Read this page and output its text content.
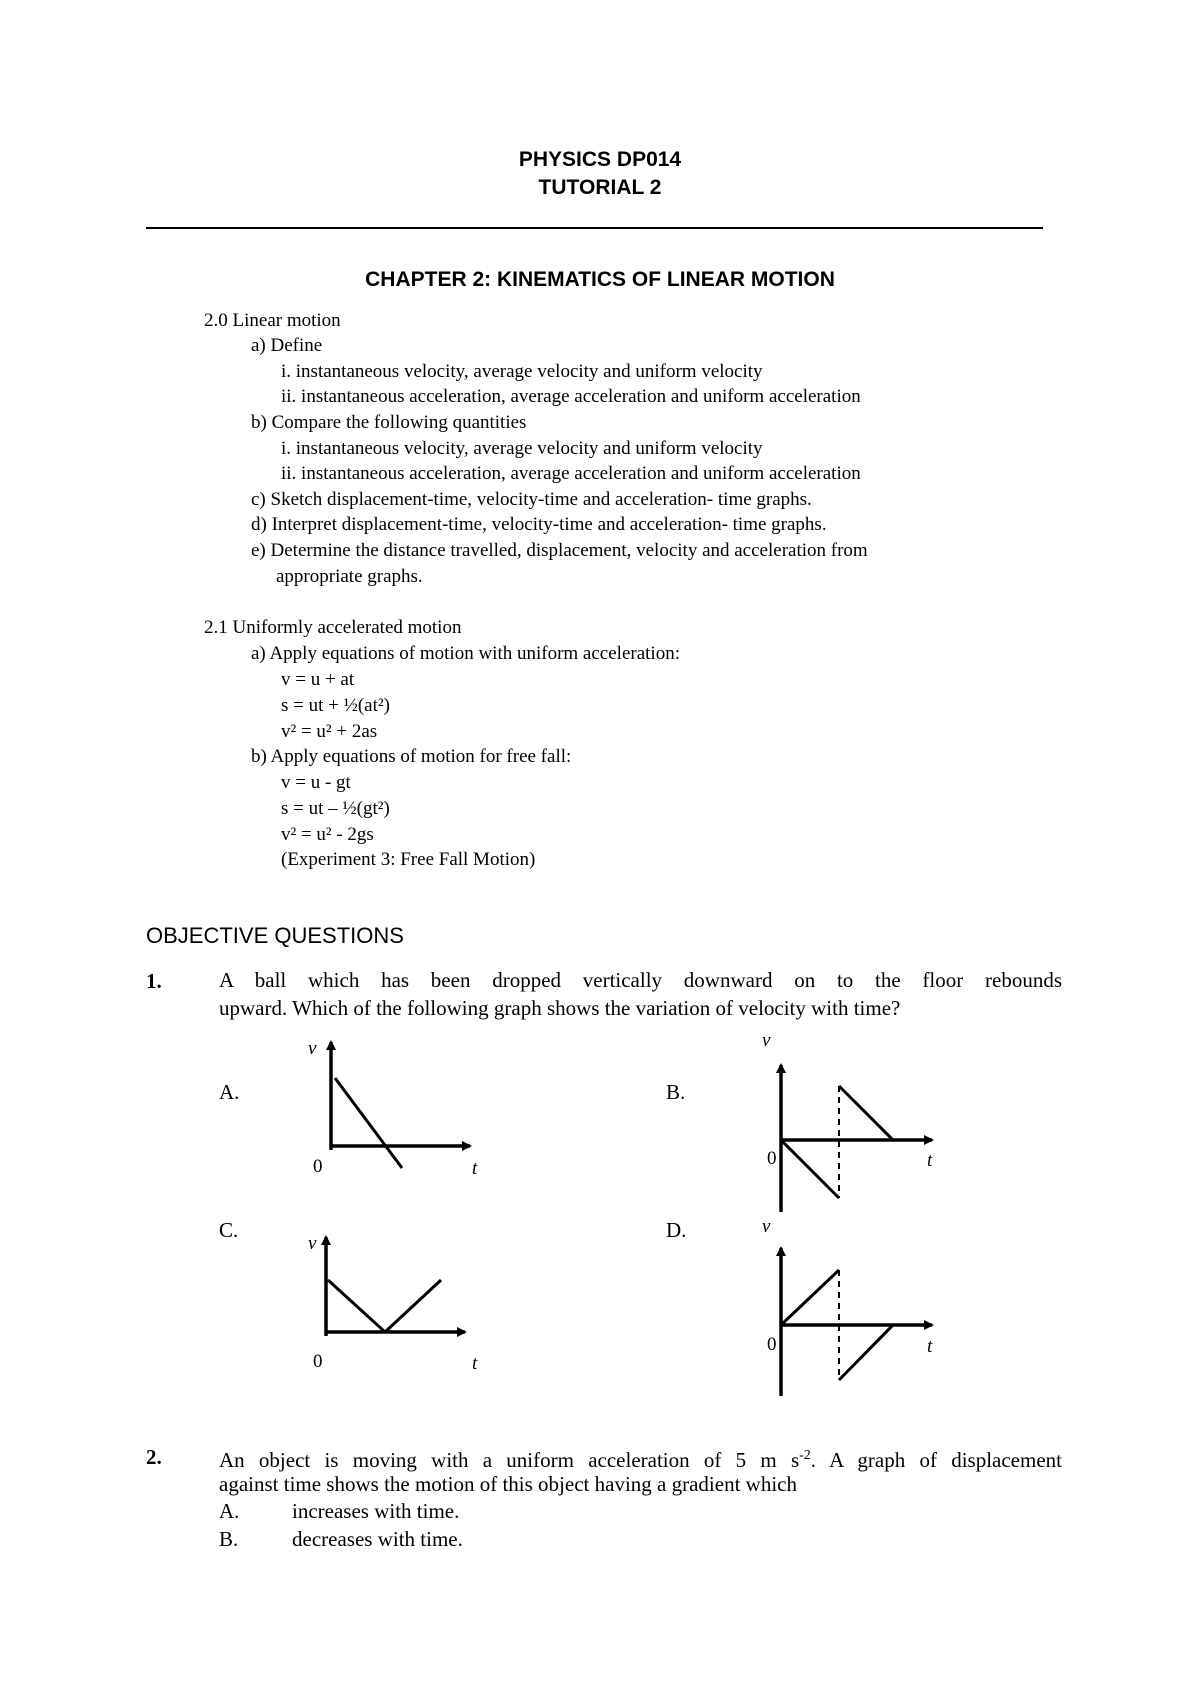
PHYSICS DP014
TUTORIAL 2
CHAPTER 2: KINEMATICS OF LINEAR MOTION
2.0 Linear motion
a) Define
i. instantaneous velocity, average velocity and uniform velocity
ii. instantaneous acceleration, average acceleration and uniform acceleration
b) Compare the following quantities
i. instantaneous velocity, average velocity and uniform velocity
ii. instantaneous acceleration, average acceleration and uniform acceleration
c) Sketch displacement-time, velocity-time and acceleration- time graphs.
d) Interpret displacement-time, velocity-time and acceleration- time graphs.
e) Determine the distance travelled, displacement, velocity and acceleration from
appropriate graphs.
2.1 Uniformly accelerated motion
a) Apply equations of motion with uniform acceleration:
v = u + at
s = ut + ½(at²)
v² = u² + 2as
b) Apply equations of motion for free fall:
v = u - gt
s = ut – ½(gt²)
v² = u² - 2gs
(Experiment 3: Free Fall Motion)
OBJECTIVE QUESTIONS
1.	A ball which has been dropped vertically downward on to the floor rebounds
upward. Which of the following graph shows the variation of velocity with time?
A.	B.
C.	D.
v
0	t
v
0	t
v
0	t
v
0	t
2.	An object is moving with a uniform acceleration of 5 m $s^{-2}$. A graph of displacement
against time shows the motion of this object having a gradient which
A.	increases with time.
B.	decreases with time.
